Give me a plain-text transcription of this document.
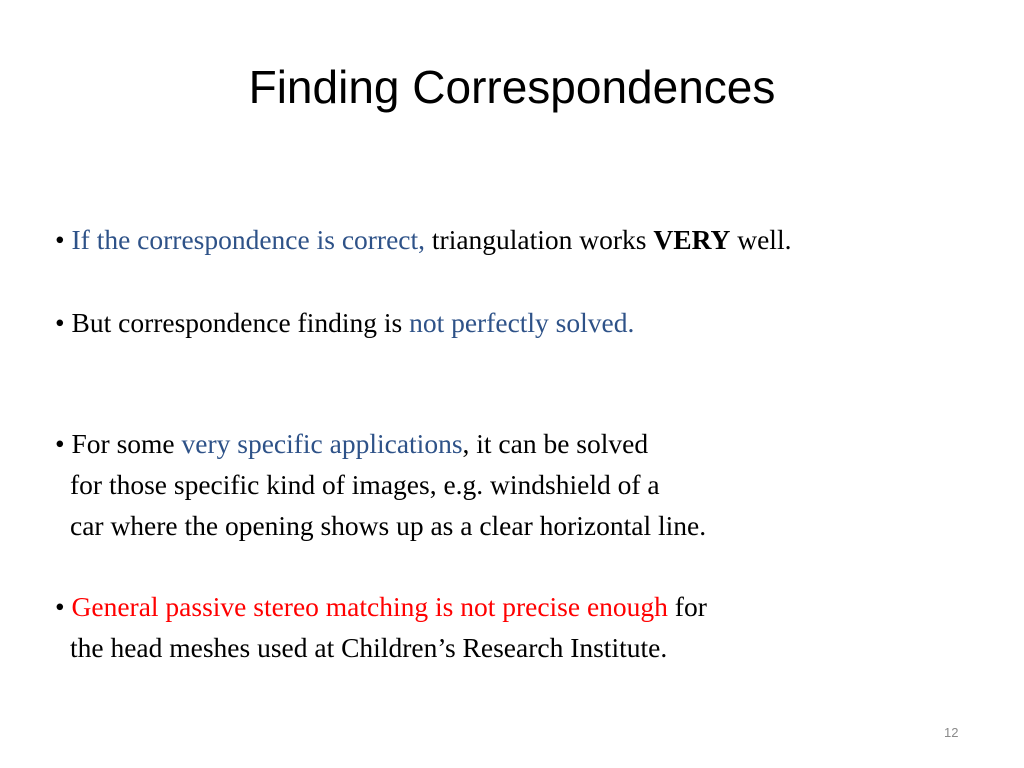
Finding Correspondences
• If the correspondence is correct, triangulation works VERY well.
• But correspondence finding is not perfectly solved.
• For some very specific applications, it can be solved
for those specific kind of images, e.g. windshield of a
car where the opening shows up as a clear horizontal line.
• General passive stereo matching is not precise enough for
the head meshes used at Children’s Research Institute.
12
